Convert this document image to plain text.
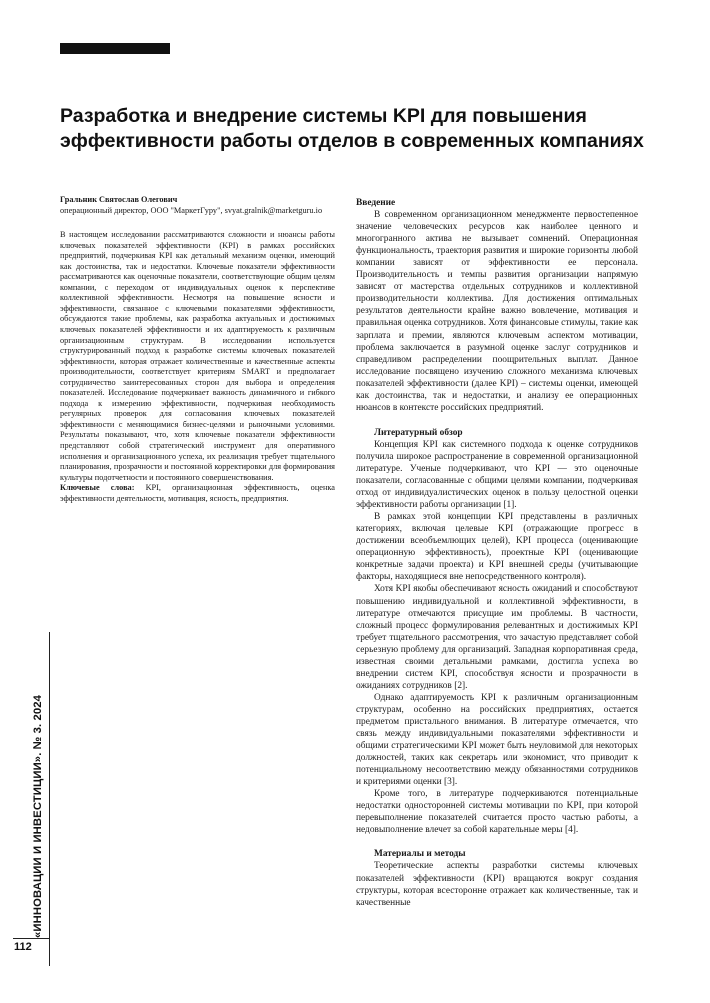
Разработка и внедрение системы KPI для повышения эффективности работы отделов в современных компаниях

Гральник Святослав Олегович

операционный директор, ООО "МаркетГуру", svyat.gralnik@marketguru.io

В настоящем исследовании рассматриваются сложности и нюансы работы ключевых показателей эффективности (KPI) в рамках российских предприятий, подчеркивая KPI как детальный механизм оценки, имеющий как достоинства, так и недостатки. Ключевые показатели эффективности рассматриваются как оценочные показатели, соответствующие общим целям компании, с переходом от индивидуальных оценок к перспективе коллективной эффективности. Несмотря на повышение ясности и эффективности, связанное с ключевыми показателями эффективности, обсуждаются такие проблемы, как разработка актуальных и достижимых ключевых показателей эффективности и их адаптируемость к различным организационным структурам. В исследовании используется структурированный подход к разработке системы ключевых показателей эффективности, которая отражает количественные и качественные аспекты производительности, соответствует критериям SMART и предполагает сотрудничество заинтересованных сторон для выбора и определения показателей. Исследование подчеркивает важность динамичного и гибкого подхода к измерению эффективности, подчеркивая необходимость регулярных проверок для согласования ключевых показателей эффективности с меняющимися бизнес-целями и рыночными условиями. Результаты показывают, что, хотя ключевые показатели эффективности представляют собой стратегический инструмент для оперативного исполнения и организационного успеха, их реализация требует тщательного планирования, прозрачности и постоянной корректировки для формирования культуры подотчетности и постоянного совершенствования.

Ключевые слова: KPI, организационная эффективность, оценка эффективности деятельности, мотивация, ясность, предприятия.

Введение

В современном организационном менеджменте первостепенное значение человеческих ресурсов как наиболее ценного и многогранного актива не вызывает сомнений. Операционная функциональность, траектория развития и широкие горизонты любой компании зависят от эффективности ее персонала. Производительность и темпы развития организации напрямую зависят от мастерства отдельных сотрудников и коллективной производительности коллектива. Для достижения оптимальных результатов деятельности крайне важно вовлечение, мотивация и правильная оценка сотрудников. Хотя финансовые стимулы, такие как зарплата и премии, являются ключевым аспектом мотивации, проблема заключается в разумной оценке заслуг сотрудников и справедливом распределении поощрительных выплат. Данное исследование посвящено изучению сложного механизма ключевых показателей эффективности (далее KPI) – системы оценки, имеющей как достоинства, так и недостатки, и анализу ее операционных нюансов в контексте российских предприятий.

Литературный обзор

Концепция KPI как системного подхода к оценке сотрудников получила широкое распространение в современной организационной литературе. Ученые подчеркивают, что KPI — это оценочные показатели, согласованные с общими целями компании, подчеркивая отход от индивидуалистических оценок в пользу целостной оценки эффективности работы организации [1].

В рамках этой концепции KPI представлены в различных категориях, включая целевые KPI (отражающие прогресс в достижении всеобъемлющих целей), KPI процесса (оценивающие операционную эффективность), проектные KPI (оценивающие конкретные задачи проекта) и KPI внешней среды (учитывающие факторы, находящиеся вне непосредственного контроля).

Хотя KPI якобы обеспечивают ясность ожиданий и способствуют повышению индивидуальной и коллективной эффективности, в литературе отмечаются присущие им проблемы. В частности, сложный процесс формулирования релевантных и достижимых KPI требует тщательного рассмотрения, что зачастую представляет собой серьезную проблему для организаций. Западная корпоративная среда, известная своими детальными рамками, достигла успеха во внедрении систем KPI, способствуя ясности и прозрачности в ожиданиях сотрудников [2].

Однако адаптируемость KPI к различным организационным структурам, особенно на российских предприятиях, остается предметом пристального внимания. В литературе отмечается, что связь между индивидуальными показателями эффективности и общими стратегическими KPI может быть неуловимой для некоторых должностей, таких как секретарь или экономист, что приводит к потенциальному несоответствию между обязанностями сотрудников и критериями оценки [3].

Кроме того, в литературе подчеркиваются потенциальные недостатки односторонней системы мотивации по KPI, при которой перевыполнение показателей считается просто частью работы, а недовыполнение влечет за собой карательные меры [4].

Материалы и методы

Теоретические аспекты разработки системы ключевых показателей эффективности (KPI) вращаются вокруг создания структуры, которая всесторонне отражает как количественные, так и качественные

«ИННОВАЦИИ И ИНВЕСТИЦИИ». № 3. 2024
112
